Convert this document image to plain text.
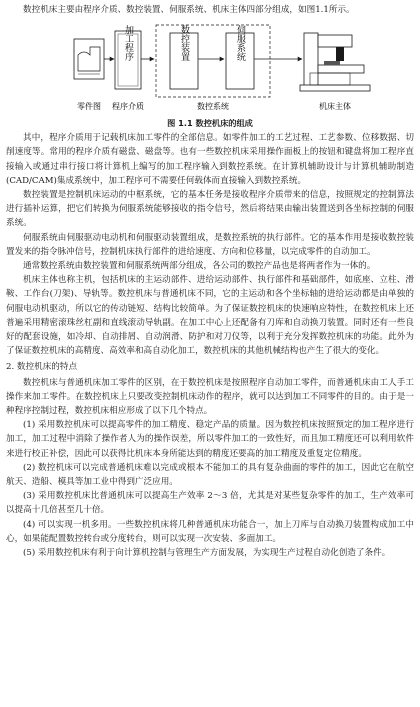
数控机床主要由程序介质、数控装置、伺服系统、机床主体四部分组成，如图1.1所示。

加工程序	数控装置	伺服系统
零件图 程序介质	数控系统	机床主体
图 1.1 数控机床的组成

其中，程序介质用于记载机床加工零件的全部信息。如零件加工的工艺过程、工艺参数、位移数据、切削速度等。常用的程序介质有磁盘、磁盘等。也有一些数控机床采用操作面板上的按钮和键盘将加工程序直接输入或通过串行接口将计算机上编写的加工程序输入到数控系统。在计算机辅助设计与计算机辅助制造(CAD/CAM)集成系统中，加工程序可不需要任何载体而直接输入到数控系统。

数控装置是控制机床运动的中枢系统，它的基本任务是接收程序介质带来的信息，按照规定的控制算法进行插补运算，把它们转换为伺服系统能够接收的指令信号，然后将结果由输出装置送到各坐标控制的伺服系统。

伺服系统由伺服驱动电动机和伺服驱动装置组成，是数控系统的执行部件。它的基本作用是接收数控装置发来的指令脉冲信号，控制机床执行部件的进给速度、方向和位移量，以完成零件的自动加工。

通常数控系统由数控装置和伺服系统两部分组成，各公司的数控产品也是将两者作为一体的。

机床主体也称主机，包括机床的主运动部件、进给运动部件、执行部件和基础部件，如底座、立柱、滑鞍、工作台(刀架)、导轨等。数控机床与普通机床不同，它的主运动和各个坐标轴的进给运动都是由单独的伺服电动机驱动，所以它的传动链短、结构比较简单。为了保证数控机床的快速响应特性，在数控机床上还普遍采用精密滚珠丝杠副和直线滚动导轨副。在加工中心上还配备有刀库和自动换刀装置。同时还有一些良好的配套设施，如冷却、自动排屑、自动润滑、防护和对刀仪等，以利于充分发挥数控机床的功能。此外为了保证数控机床的高精度、高效率和高自动化加工，数控机床的其他机械结构也产生了很大的变化。

2. 数控机床的特点

数控机床与普通机床加工零件的区别，在于数控机床是按照程序自动加工零件，而普通机床由工人手工操作来加工零件。在数控机床上只要改变控制机床动作的程序，就可以达到加工不同零件的目的。由于是一种程序控制过程，数控机床相应形成了以下几个特点。

(1) 采用数控机床可以提高零件的加工精度、稳定产品的质量。因为数控机床按照预定的加工程序进行加工，加工过程中消除了操作者人为的操作误差，所以零件加工的一致性好，而且加工精度还可以利用软件来进行校正补偿，因此可以获得比机床本身所能达到的精度还要高的加工精度及重复定位精度。

(2) 数控机床可以完成普通机床难以完成或根本不能加工的具有复杂曲面的零件的加工，因此它在航空航天、造船、模具等加工业中得到广泛应用。

(3) 采用数控机床比普通机床可以提高生产效率 2～3 倍，尤其是对某些复杂零件的加工，生产效率可以提高十几倍甚至几十倍。

(4) 可以实现一机多用。一些数控机床将几种普通机床功能合一，加上刀库与自动换刀装置构成加工中心，如果能配置数控转台或分度转台，则可以实现一次安装、多面加工。

(5) 采用数控机床有利于向计算机控制与管理生产方面发展，为实现生产过程自动化创造了条件。
